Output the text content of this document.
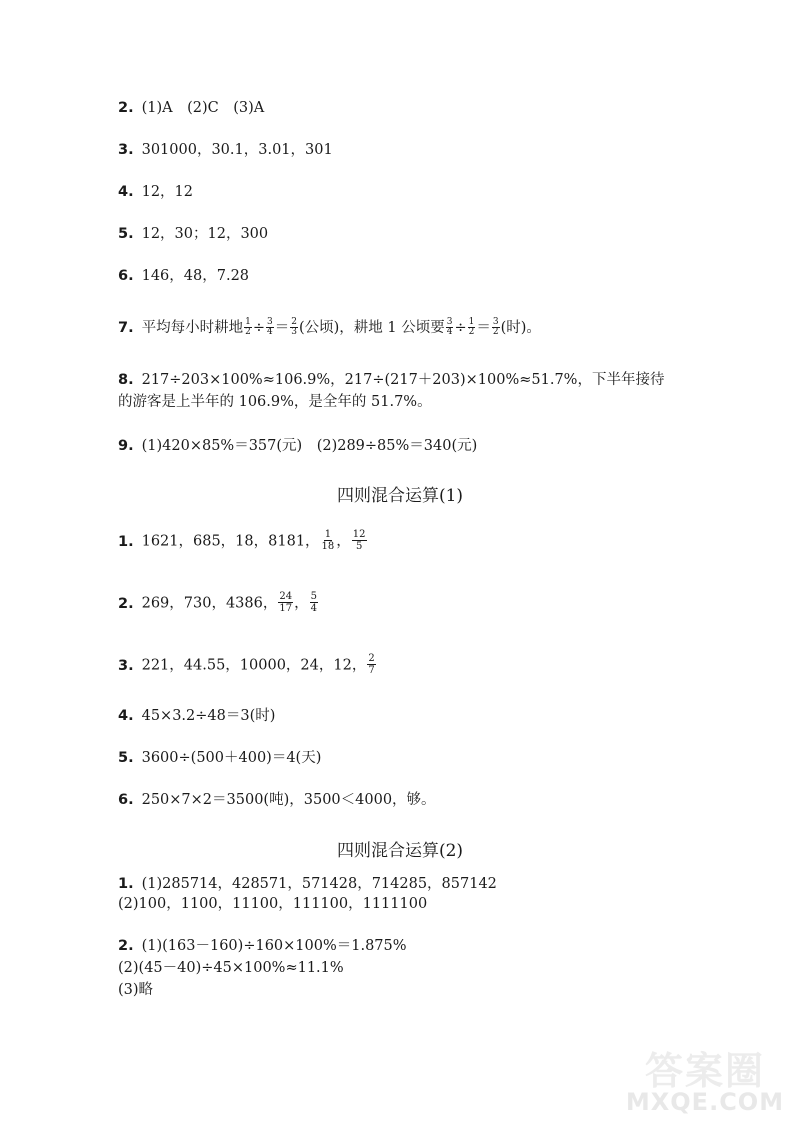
2. (1)A　(2)C　(3)A
3. 301000，30.1，3.01，301
4. 12，12
5. 12，30；12，300
6. 146，48，7.28
7. 平均每小时耕地 $\frac{1}{2} \div \frac{3}{4} = \frac{2}{3}$ (公顷)，耕地 1 公顷要 $\frac{3}{4} \div \frac{1}{2} = \frac{3}{2}$ (时)。
8. 217÷203×100%≈106.9%，217÷(217＋203)×100%≈51.7%，下半年接待
的游客是上半年的 106.9%，是全年的 51.7%。
9. (1)420×85%＝357(元)　(2)289÷85%＝340(元)
四则混合运算(1)
1. 1621，685，18，8181， $\frac{1}{18}$ ， $\frac{12}{5}$
2. 269，730，4386， $\frac{24}{17}$ ， $\frac{5}{4}$
3. 221，44.55，10000，24，12， $\frac{2}{7}$
4. 45×3.2÷48＝3(时)
5. 3600÷(500＋400)＝4(天)
6. 250×7×2＝3500(吨)，3500＜4000，够。
四则混合运算(2)
1. (1)285714，428571，571428，714285，857142
(2)100，1100，11100，111100，1111100
2. (1)(163－160)÷160×100%＝1.875%
(2)(45－40)÷45×100%≈11.1%
(3)略
答案圈
MXQE.COM
